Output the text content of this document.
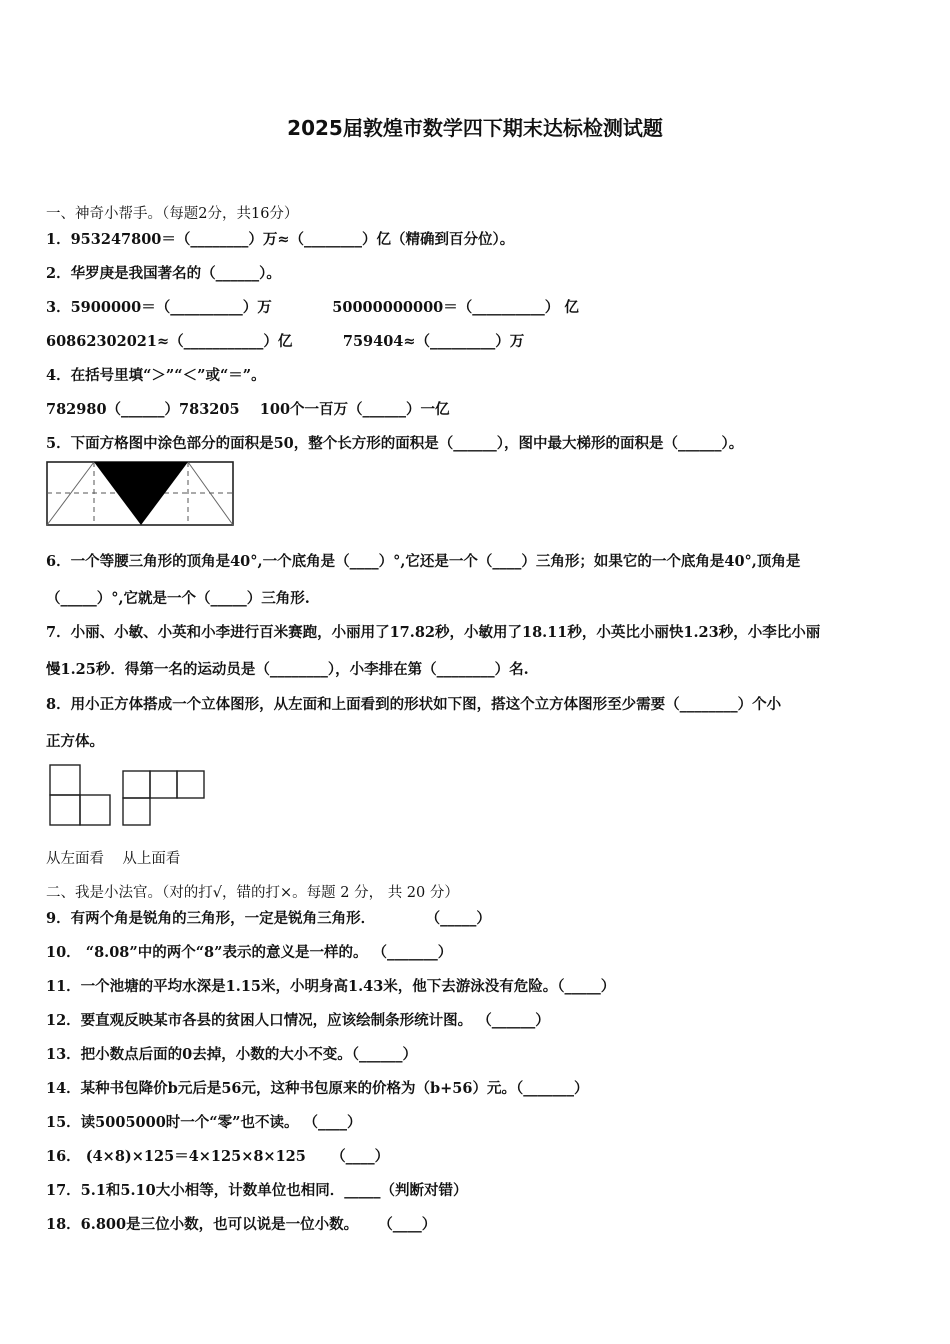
2025届敦煌市数学四下期末达标检测试题
一、神奇小帮手。（每题2分，共16分）
1．953247800＝（________）万≈（________）亿（精确到百分位）。
2．华罗庚是我国著名的（______）。
3．5900000＝（__________）万            50000000000＝（__________） 亿
60862302021≈（___________）亿          759404≈（_________）万
4．在括号里填“＞”“＜”或“＝”。
782980（______）783205    100个一百万（______）一亿
5．下面方格图中涂色部分的面积是50，整个长方形的面积是（______），图中最大梯形的面积是（______）。
6．一个等腰三角形的顶角是40°,一个底角是（____）°,它还是一个（____）三角形；如果它的一个底角是40°,顶角是
（_____）°,它就是一个（_____）三角形.
7．小丽、小敏、小英和小李进行百米赛跑，小丽用了17.82秒，小敏用了18.11秒，小英比小丽快1.23秒，小李比小丽
慢1.25秒．得第一名的运动员是（________），小李排在第（________）名.
8．用小正方体搭成一个立体图形，从左面和上面看到的形状如下图，搭这个立方体图形至少需要（________）个小
正方体。
从左面看    从上面看
二、我是小法官。（对的打√，错的打×。每题 2 分， 共 20 分）
9．有两个角是锐角的三角形，一定是锐角三角形．          （_____）
10． “8.08”中的两个“8”表示的意义是一样的。 （_______）
11．一个池塘的平均水深是1.15米，小明身高1.43米，他下去游泳没有危险。（_____）
12．要直观反映某市各县的贫困人口情况，应该绘制条形统计图。 （______）
13．把小数点后面的0去掉，小数的大小不变。（______）
14．某种书包降价b元后是56元，这种书包原来的价格为（b+56）元。（_______）
15．读5005000时一个“零”也不读。 （____）
16． (4×8)×125＝4×125×8×125     （____）
17．5.1和5.10大小相等，计数单位也相同．_____（判断对错）
18．6.800是三位小数，也可以说是一位小数。    （____）
